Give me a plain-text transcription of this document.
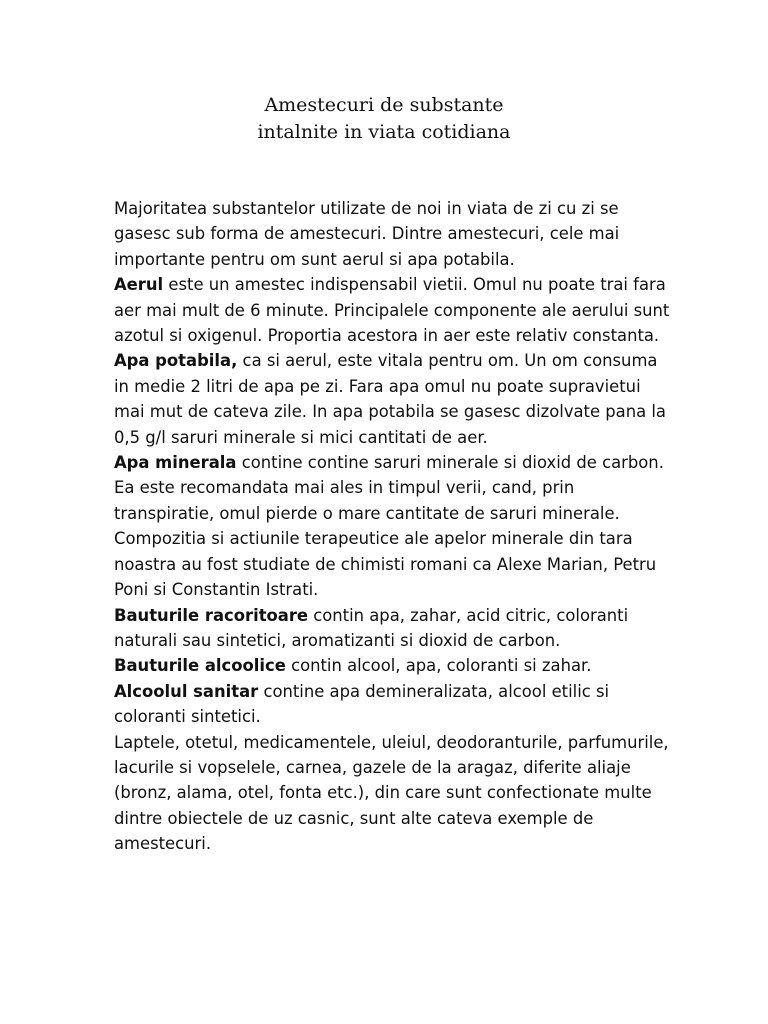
Amestecuri de substante
intalnite in viata cotidiana

Majoritatea substantelor utilizate de noi in viata de zi cu zi se gasesc sub forma de amestecuri. Dintre amestecuri, cele mai importante pentru om sunt aerul si apa potabila.

Aerul este un amestec indispensabil vietii. Omul nu poate trai fara aer mai mult de 6 minute. Principalele componente ale aerului sunt azotul si oxigenul. Proportia acestora in aer este relativ constanta.

Apa potabila, ca si aerul, este vitala pentru om. Un om consuma in medie 2 litri de apa pe zi. Fara apa omul nu poate supravietui mai mut de cateva zile. In apa potabila se gasesc dizolvate pana la 0,5 g/l saruri minerale si mici cantitati de aer.

Apa minerala contine contine saruri minerale si dioxid de carbon. Ea este recomandata mai ales in timpul verii, cand, prin transpiratie, omul pierde o mare cantitate de saruri minerale. Compozitia si actiunile terapeutice ale apelor minerale din tara noastra au fost studiate de chimisti romani ca Alexe Marian, Petru Poni si Constantin Istrati.

Bauturile racoritoare contin apa, zahar, acid citric, coloranti naturali sau sintetici, aromatizanti si dioxid de carbon.

Bauturile alcoolice contin alcool, apa, coloranti si zahar.

Alcoolul sanitar contine apa demineralizata, alcool etilic si coloranti sintetici.

Laptele, otetul, medicamentele, uleiul, deodoranturile, parfumurile, lacurile si vopselele, carnea, gazele de la aragaz, diferite aliaje (bronz, alama, otel, fonta etc.), din care sunt confectionate multe dintre obiectele de uz casnic, sunt alte cateva exemple de amestecuri.
